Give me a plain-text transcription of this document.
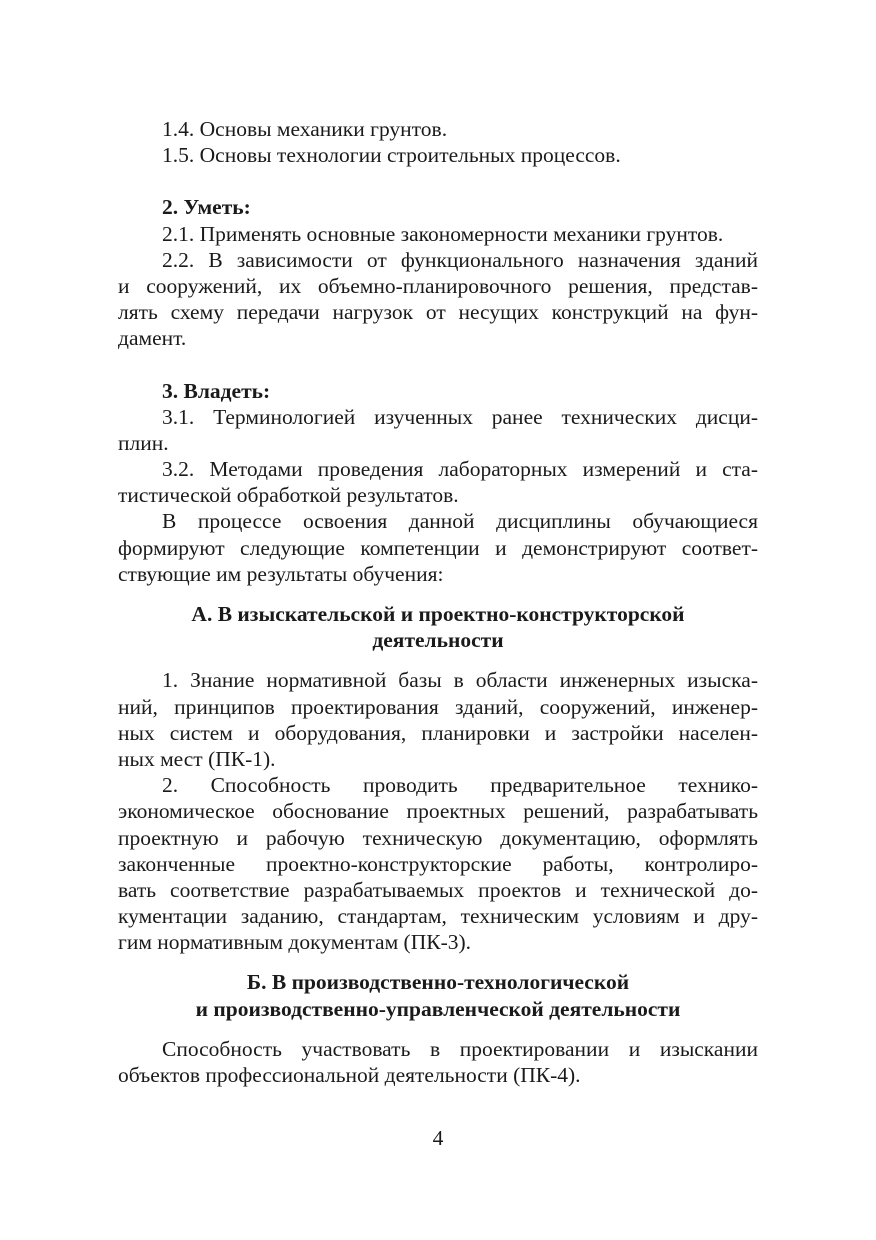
1.4. Основы механики грунтов.
1.5. Основы технологии строительных процессов.
2. Уметь:
2.1. Применять основные закономерности механики грунтов.
2.2. В зависимости от функционального назначения зданий
и сооружений, их объемно-планировочного решения, представ-
лять схему передачи нагрузок от несущих конструкций на фун-
дамент.
3. Владеть:
3.1. Терминологией изученных ранее технических дисци-
плин.
3.2. Методами проведения лабораторных измерений и ста-
тистической обработкой результатов.
В процессе освоения данной дисциплины обучающиеся
формируют следующие компетенции и демонстрируют соответ-
ствующие им результаты обучения:
А. В изыскательской и проектно-конструкторской
деятельности
1. Знание нормативной базы в области инженерных изыска-
ний, принципов проектирования зданий, сооружений, инженер-
ных систем и оборудования, планировки и застройки населен-
ных мест (ПК-1).
2. Способность проводить предварительное технико-
экономическое обоснование проектных решений, разрабатывать
проектную и рабочую техническую документацию, оформлять
законченные проектно-конструкторские работы, контролиро-
вать соответствие разрабатываемых проектов и технической до-
кументации заданию, стандартам, техническим условиям и дру-
гим нормативным документам (ПК-3).
Б. В производственно-технологической
и производственно-управленческой деятельности
Способность участвовать в проектировании и изыскании
объектов профессиональной деятельности (ПК-4).
4
